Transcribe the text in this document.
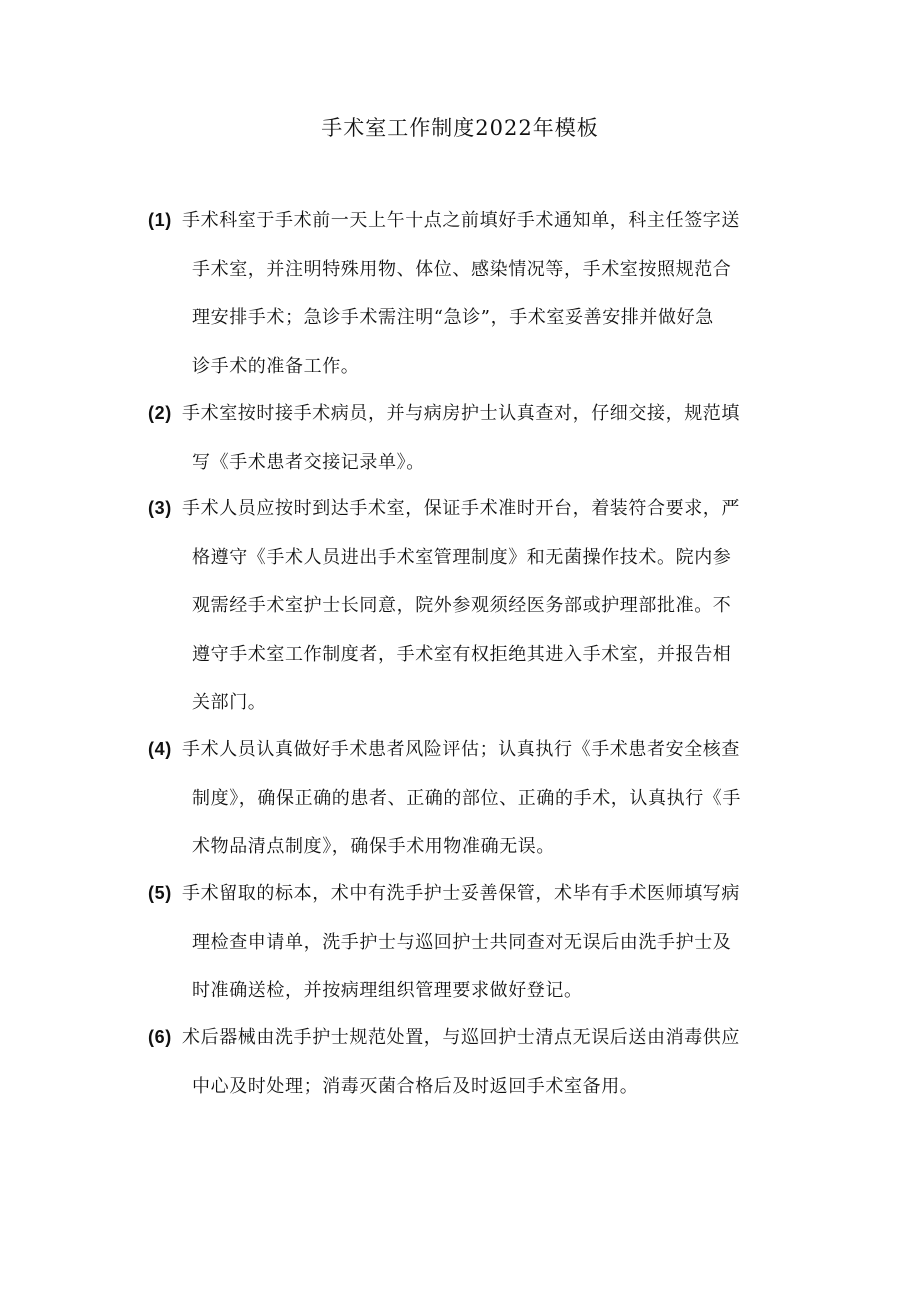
手术室工作制度2022年模板
(1) 手术科室于手术前一天上午十点之前填好手术通知单，科主任签字送
手术室，并注明特殊用物、体位、感染情况等，手术室按照规范合
理安排手术；急诊手术需注明“急诊”，手术室妥善安排并做好急
诊手术的准备工作。
(2) 手术室按时接手术病员，并与病房护士认真查对，仔细交接，规范填
写《手术患者交接记录单》。
(3) 手术人员应按时到达手术室，保证手术准时开台，着装符合要求，严
格遵守《手术人员进出手术室管理制度》和无菌操作技术。院内参
观需经手术室护士长同意，院外参观须经医务部或护理部批准。不
遵守手术室工作制度者，手术室有权拒绝其进入手术室，并报告相
关部门。
(4) 手术人员认真做好手术患者风险评估；认真执行《手术患者安全核查
制度》，确保正确的患者、正确的部位、正确的手术，认真执行《手
术物品清点制度》，确保手术用物准确无误。
(5) 手术留取的标本，术中有洗手护士妥善保管，术毕有手术医师填写病
理检查申请单，洗手护士与巡回护士共同查对无误后由洗手护士及
时准确送检，并按病理组织管理要求做好登记。
(6) 术后器械由洗手护士规范处置，与巡回护士清点无误后送由消毒供应
中心及时处理；消毒灭菌合格后及时返回手术室备用。
